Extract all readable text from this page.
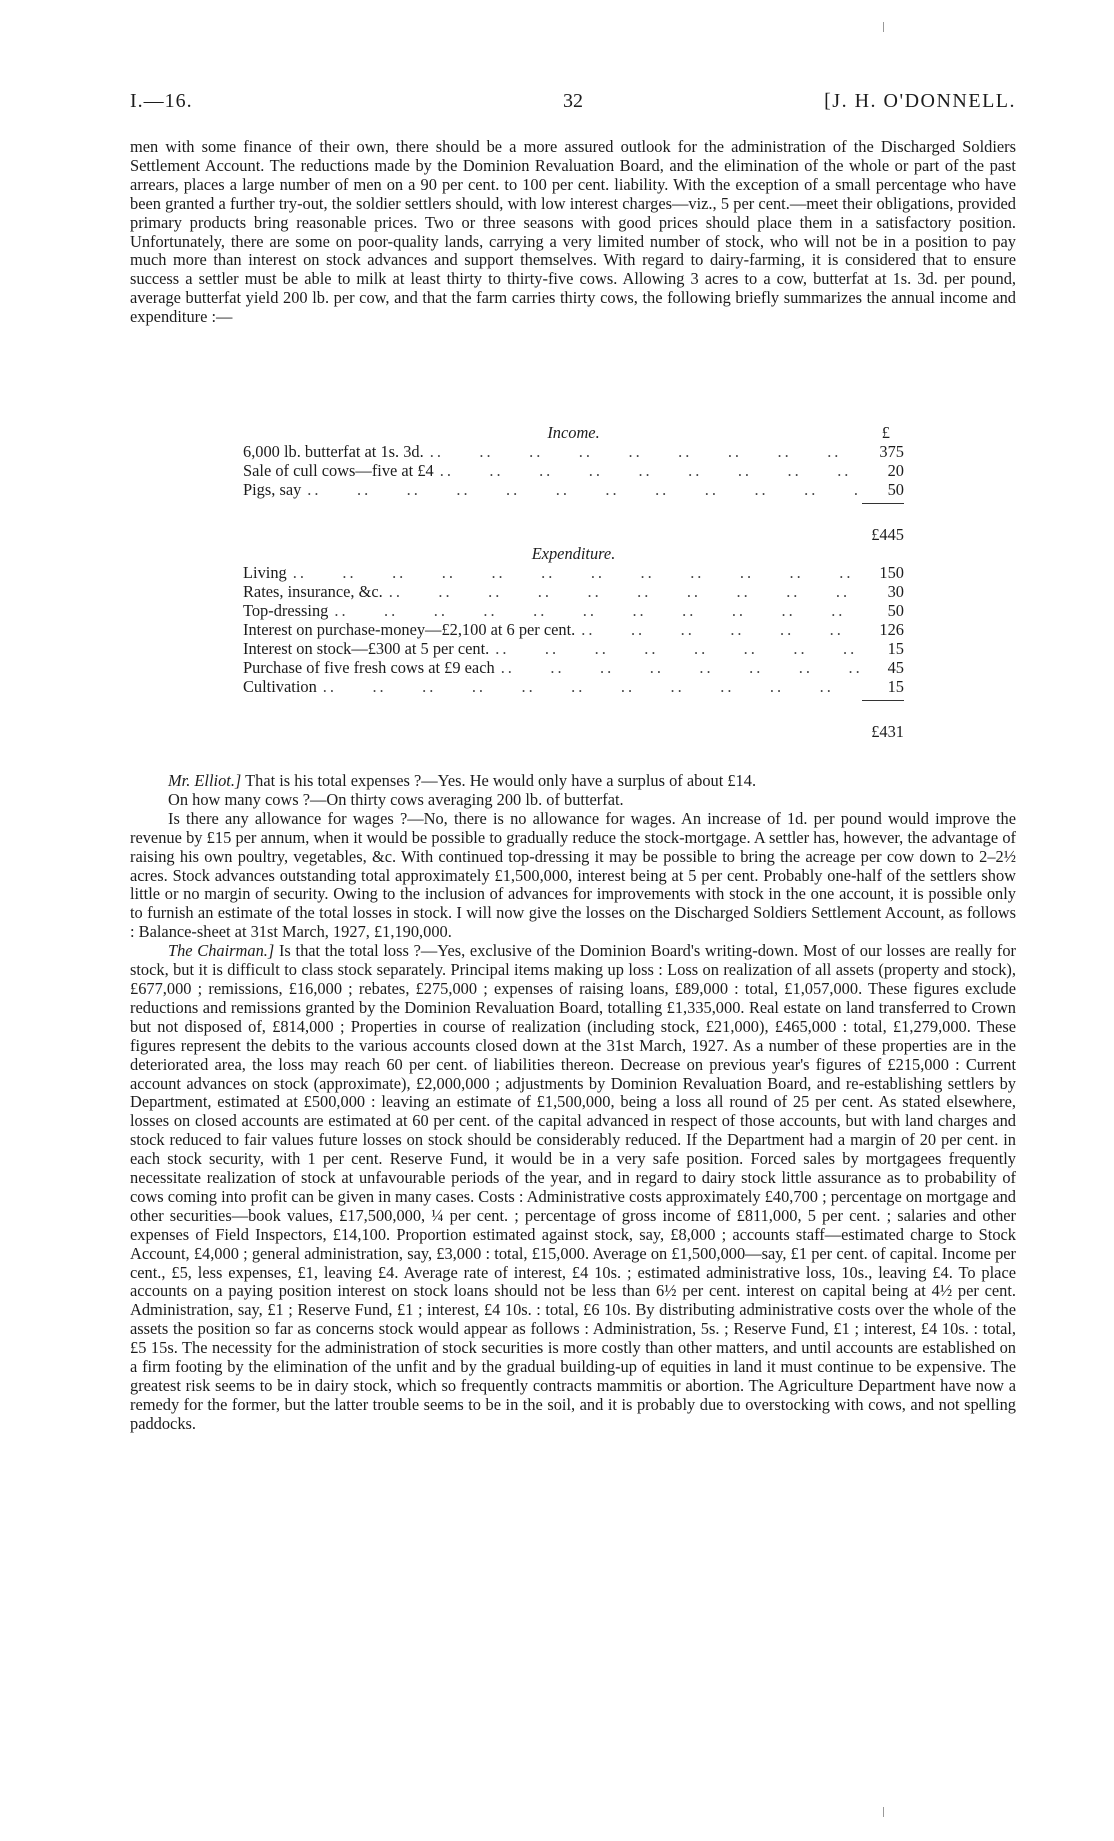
I.—16.	32	[J. H. O'DONNELL.

men with some finance of their own, there should be a more assured outlook for the administration of the Discharged Soldiers Settlement Account. The reductions made by the Dominion Revaluation Board, and the elimination of the whole or part of the past arrears, places a large number of men on a 90 per cent. to 100 per cent. liability. With the exception of a small percentage who have been granted a further try-out, the soldier settlers should, with low interest charges—viz., 5 per cent.—meet their obligations, provided primary products bring reasonable prices. Two or three seasons with good prices should place them in a satisfactory position. Unfortunately, there are some on poor-quality lands, carrying a very limited number of stock, who will not be in a position to pay much more than interest on stock advances and support themselves. With regard to dairy-farming, it is considered that to ensure success a settler must be able to milk at least thirty to thirty-five cows. Allowing 3 acres to a cow, butterfat at 1s. 3d. per pound, average butterfat yield 200 lb. per cow, and that the farm carries thirty cows, the following briefly summarizes the annual income and expenditure :—

Income.	£
6,000 lb. butterfat at 1s. 3d. ..	375
Sale of cull cows—five at £4 ..	20
Pigs, say ..	50
£445
Expenditure.
Living ..	150
Rates, insurance, &c. ..	30
Top-dressing ..	50
Interest on purchase-money—£2,100 at 6 per cent. ..	126
Interest on stock—£300 at 5 per cent. ..	15
Purchase of five fresh cows at £9 each ..	45
Cultivation ..	15
£431

Mr. Elliot.] That is his total expenses ?—Yes. He would only have a surplus of about £14.

On how many cows ?—On thirty cows averaging 200 lb. of butterfat.

Is there any allowance for wages ?—No, there is no allowance for wages. An increase of 1d. per pound would improve the revenue by £15 per annum, when it would be possible to gradually reduce the stock-mortgage. A settler has, however, the advantage of raising his own poultry, vegetables, &c. With continued top-dressing it may be possible to bring the acreage per cow down to 2–2½ acres. Stock advances outstanding total approximately £1,500,000, interest being at 5 per cent. Probably one-half of the settlers show little or no margin of security. Owing to the inclusion of advances for improvements with stock in the one account, it is possible only to furnish an estimate of the total losses in stock. I will now give the losses on the Discharged Soldiers Settlement Account, as follows : Balance-sheet at 31st March, 1927, £1,190,000.

The Chairman.] Is that the total loss ?—Yes, exclusive of the Dominion Board's writing-down. Most of our losses are really for stock, but it is difficult to class stock separately. Principal items making up loss : Loss on realization of all assets (property and stock), £677,000 ; remissions, £16,000 ; rebates, £275,000 ; expenses of raising loans, £89,000 : total, £1,057,000. These figures exclude reductions and remissions granted by the Dominion Revaluation Board, totalling £1,335,000. Real estate on land transferred to Crown but not disposed of, £814,000 ; Properties in course of realization (including stock, £21,000), £465,000 : total, £1,279,000. These figures represent the debits to the various accounts closed down at the 31st March, 1927. As a number of these properties are in the deteriorated area, the loss may reach 60 per cent. of liabilities thereon. Decrease on previous year's figures of £215,000 : Current account advances on stock (approximate), £2,000,000 ; adjustments by Dominion Revaluation Board, and re-establishing settlers by Department, estimated at £500,000 : leaving an estimate of £1,500,000, being a loss all round of 25 per cent. As stated elsewhere, losses on closed accounts are estimated at 60 per cent. of the capital advanced in respect of those accounts, but with land charges and stock reduced to fair values future losses on stock should be considerably reduced. If the Department had a margin of 20 per cent. in each stock security, with 1 per cent. Reserve Fund, it would be in a very safe position. Forced sales by mortgagees frequently necessitate realization of stock at unfavourable periods of the year, and in regard to dairy stock little assurance as to probability of cows coming into profit can be given in many cases. Costs : Administrative costs approximately £40,700 ; percentage on mortgage and other securities—book values, £17,500,000, ¼ per cent. ; percentage of gross income of £811,000, 5 per cent. ; salaries and other expenses of Field Inspectors, £14,100. Proportion estimated against stock, say, £8,000 ; accounts staff—estimated charge to Stock Account, £4,000 ; general administration, say, £3,000 : total, £15,000. Average on £1,500,000—say, £1 per cent. of capital. Income per cent., £5, less expenses, £1, leaving £4. Average rate of interest, £4 10s. ; estimated administrative loss, 10s., leaving £4. To place accounts on a paying position interest on stock loans should not be less than 6½ per cent. interest on capital being at 4½ per cent. Administration, say, £1 ; Reserve Fund, £1 ; interest, £4 10s. : total, £6 10s. By distributing administrative costs over the whole of the assets the position so far as concerns stock would appear as follows : Administration, 5s. ; Reserve Fund, £1 ; interest, £4 10s. : total, £5 15s. The necessity for the administration of stock securities is more costly than other matters, and until accounts are established on a firm footing by the elimination of the unfit and by the gradual building-up of equities in land it must continue to be expensive. The greatest risk seems to be in dairy stock, which so frequently contracts mammitis or abortion. The Agriculture Department have now a remedy for the former, but the latter trouble seems to be in the soil, and it is probably due to overstocking with cows, and not spelling paddocks.
